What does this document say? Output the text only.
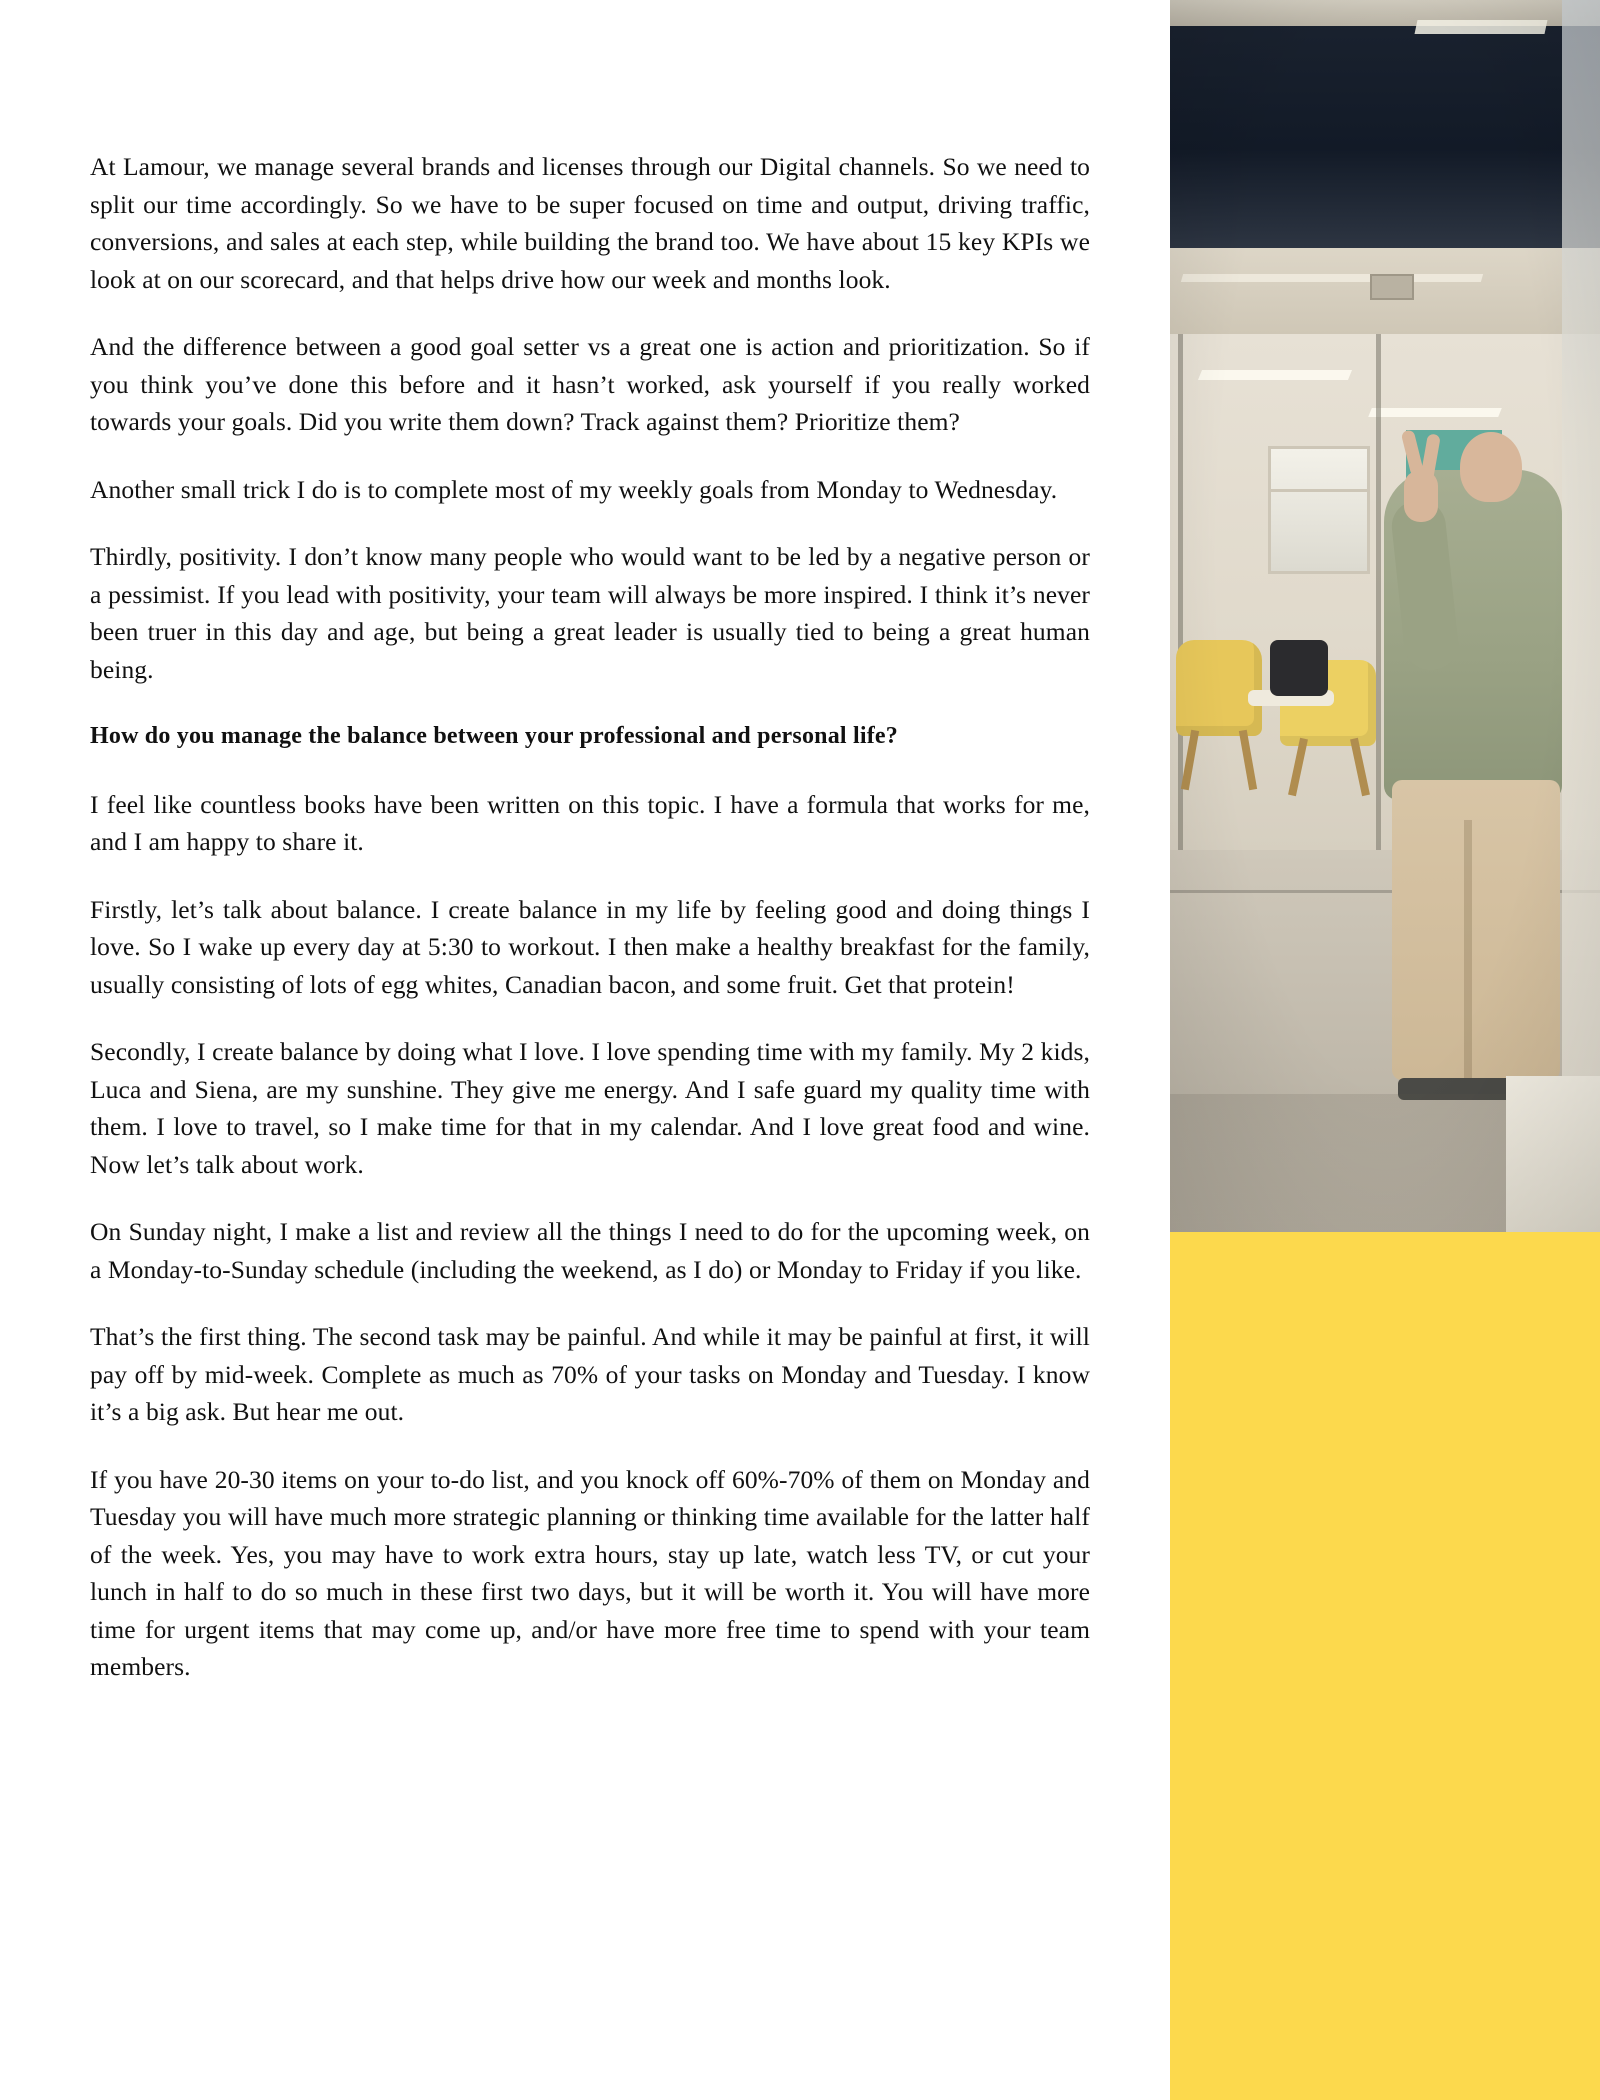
At Lamour, we manage several brands and licenses through our Digital channels. So we need to split our time accordingly. So we have to be super focused on time and output, driving traffic, conversions, and sales at each step, while building the brand too. We have about 15 key KPIs we look at on our scorecard, and that helps drive how our week and months look.

And the difference between a good goal setter vs a great one is action and prioritization. So if you think you’ve done this before and it hasn’t worked, ask yourself if you really worked towards your goals. Did you write them down? Track against them? Prioritize them?

Another small trick I do is to complete most of my weekly goals from Monday to Wednesday.

Thirdly, positivity. I don’t know many people who would want to be led by a negative person or a pessimist. If you lead with positivity, your team will always be more inspired. I think it’s never been truer in this day and age, but being a great leader is usually tied to being a great human being.

How do you manage the balance between your professional and personal life?

I feel like countless books have been written on this topic. I have a formula that works for me, and I am happy to share it.

Firstly, let’s talk about balance. I create balance in my life by feeling good and doing things I love. So I wake up every day at 5:30 to workout. I then make a healthy breakfast for the family, usually consisting of lots of egg whites, Canadian bacon, and some fruit. Get that protein!

Secondly, I create balance by doing what I love. I love spending time with my family. My 2 kids, Luca and Siena, are my sunshine. They give me energy. And I safe guard my quality time with them. I love to travel, so I make time for that in my calendar. And I love great food and wine. Now let’s talk about work.

On Sunday night, I make a list and review all the things I need to do for the upcoming week, on a Monday-to-Sunday schedule (including the weekend, as I do) or Monday to Friday if you like.

That’s the first thing. The second task may be painful. And while it may be painful at first, it will pay off by mid-week. Complete as much as 70% of your tasks on Monday and Tuesday. I know it’s a big ask. But hear me out.

If you have 20-30 items on your to-do list, and you knock off 60%-70% of them on Monday and Tuesday you will have much more strategic planning or thinking time available for the latter half of the week. Yes, you may have to work extra hours, stay up late, watch less TV, or cut your lunch in half to do so much in these first two days, but it will be worth it. You will have more time for urgent items that may come up, and/or have more free time to spend with your team members.
